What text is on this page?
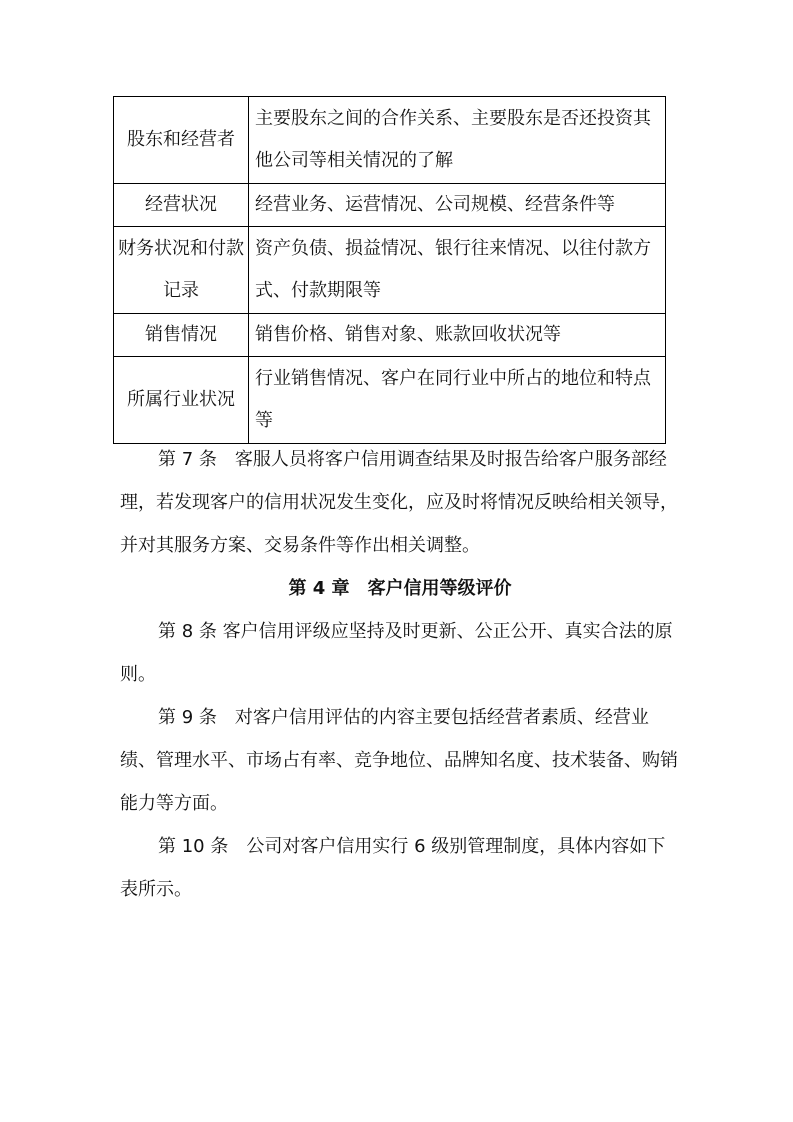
股东和经营者	主要股东之间的合作关系、主要股东是否还投资其他公司等相关情况的了解
经营状况	经营业务、运营情况、公司规模、经营条件等
财务状况和付款记录	资产负债、损益情况、银行往来情况、以往付款方式、付款期限等
销售情况	销售价格、销售对象、账款回收状况等
所属行业状况	行业销售情况、客户在同行业中所占的地位和特点等

第 7 条　客服人员将客户信用调查结果及时报告给客户服务部经理，若发现客户的信用状况发生变化，应及时将情况反映给相关领导，并对其服务方案、交易条件等作出相关调整。

第 4 章　客户信用等级评价

第 8 条 客户信用评级应坚持及时更新、公正公开、真实合法的原则。

第 9 条　对客户信用评估的内容主要包括经营者素质、经营业绩、管理水平、市场占有率、竞争地位、品牌知名度、技术装备、购销能力等方面。

第 10 条　公司对客户信用实行 6 级别管理制度，具体内容如下表所示。
